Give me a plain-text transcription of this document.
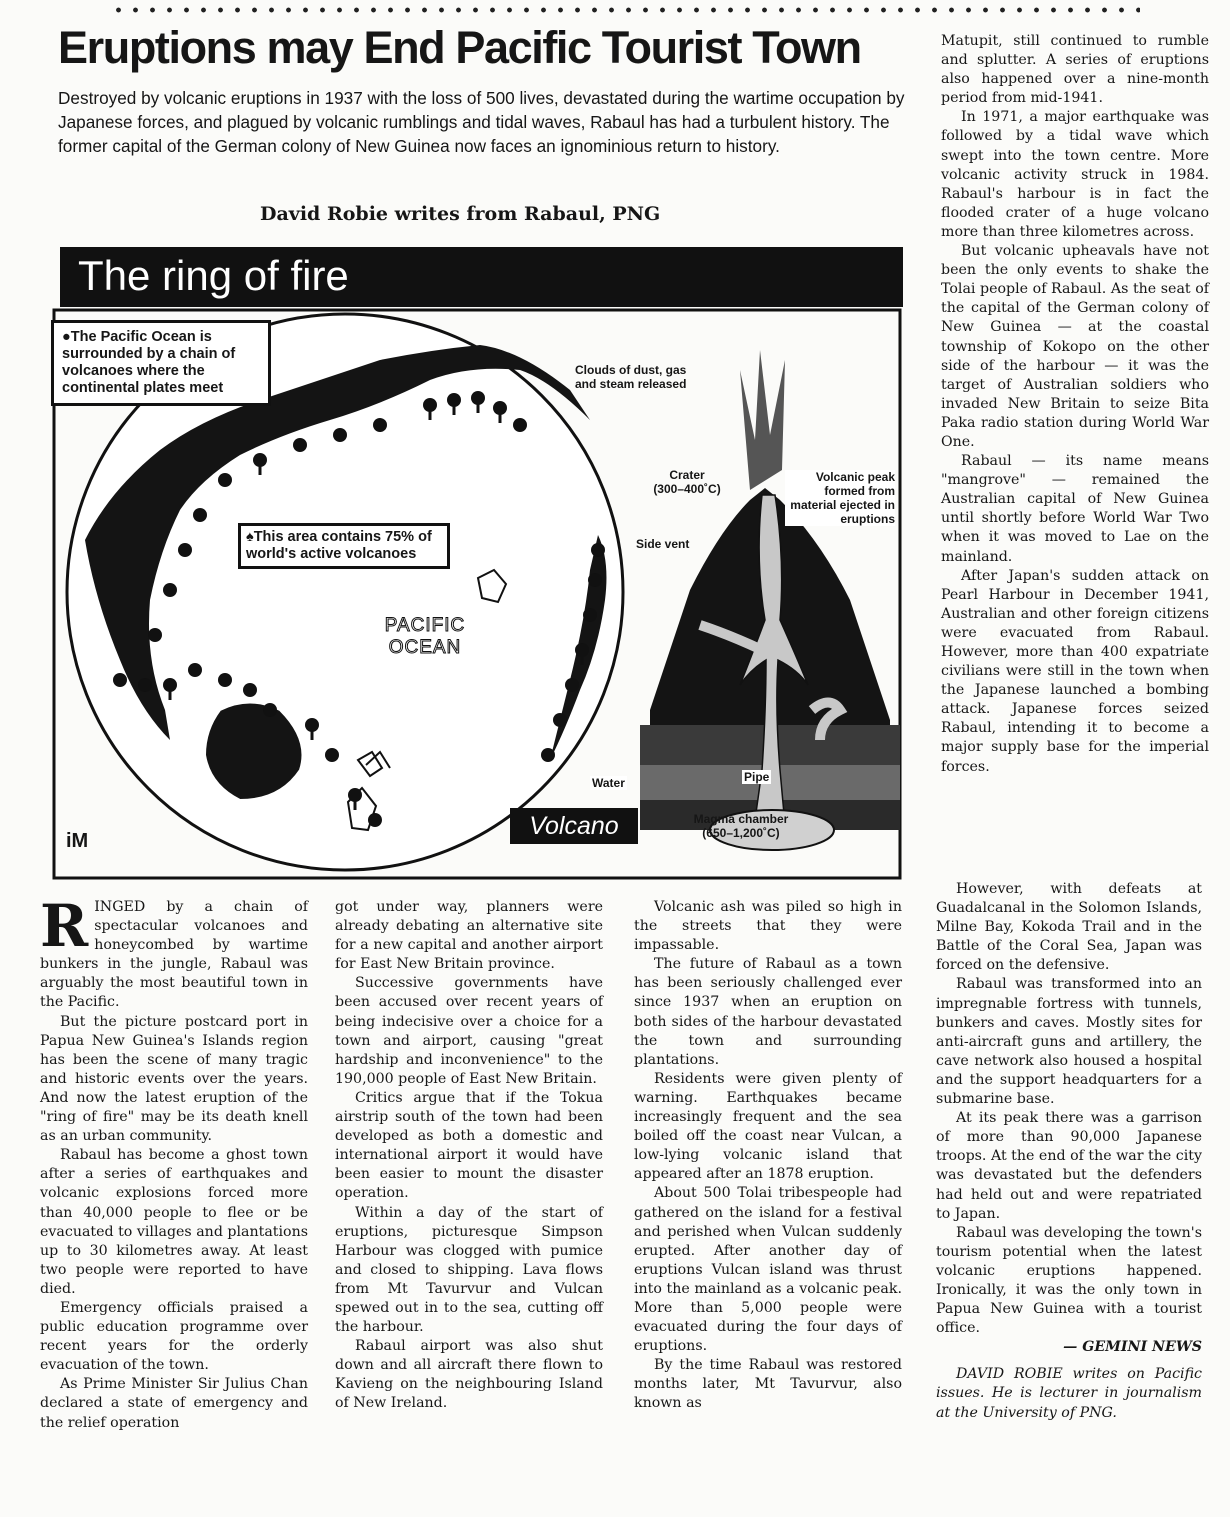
Eruptions may End Pacific Tourist Town

Destroyed by volcanic eruptions in 1937 with the loss of 500 lives, devastated during the wartime occupation by Japanese forces, and plagued by volcanic rumblings and tidal waves, Rabaul has had a turbulent history. The former capital of the German colony of New Guinea now faces an ignominious return to history.

David Robie writes from Rabaul, PNG

The ring of fire
●The Pacific Ocean is surrounded by a chain of volcanoes where the continental plates meet
♠This area contains 75% of world's active volcanoes
PACIFIC
OCEAN
Clouds of dust, gas and steam released
Crater
(300–400˚C)
Volcanic peak formed from material ejected in eruptions
Side vent
Water	Pipe
Magma chamber
(650–1,200˚C)
Volcano
iM

Matupit, still continued to rumble and splutter. A series of eruptions also happened over a nine-month period from mid-1941.

In 1971, a major earthquake was followed by a tidal wave which swept into the town centre. More volcanic activity struck in 1984. Rabaul's harbour is in fact the flooded crater of a huge volcano more than three kilometres across.

But volcanic upheavals have not been the only events to shake the Tolai people of Rabaul. As the seat of the capital of the German colony of New Guinea — at the coastal township of Kokopo on the other side of the harbour — it was the target of Australian soldiers who invaded New Britain to seize Bita Paka radio station during World War One.

Rabaul — its name means "mangrove" — remained the Australian capital of New Guinea until shortly before World War Two when it was moved to Lae on the mainland.

After Japan's sudden attack on Pearl Harbour in December 1941, Australian and other foreign citizens were evacuated from Rabaul. However, more than 400 expatriate civilians were still in the town when the Japanese launched a bombing attack. Japanese forces seized Rabaul, intending it to become a major supply base for the imperial forces.

RINGED by a chain of spectacular volcanoes and honeycombed by wartime bunkers in the jungle, Rabaul was arguably the most beautiful town in the Pacific.

But the picture postcard port in Papua New Guinea's Islands region has been the scene of many tragic and historic events over the years. And now the latest eruption of the "ring of fire" may be its death knell as an urban community.

Rabaul has become a ghost town after a series of earthquakes and volcanic explosions forced more than 40,000 people to flee or be evacuated to villages and plantations up to 30 kilometres away. At least two people were reported to have died.

Emergency officials praised a public education programme over recent years for the orderly evacuation of the town.

As Prime Minister Sir Julius Chan declared a state of emergency and the relief operation

got under way, planners were already debating an alternative site for a new capital and another airport for East New Britain province.

Successive governments have been accused over recent years of being indecisive over a choice for a town and airport, causing "great hardship and inconvenience" to the 190,000 people of East New Britain.

Critics argue that if the Tokua airstrip south of the town had been developed as both a domestic and international airport it would have been easier to mount the disaster operation.

Within a day of the start of eruptions, picturesque Simpson Harbour was clogged with pumice and closed to shipping. Lava flows from Mt Tavurvur and Vulcan spewed out in to the sea, cutting off the harbour.

Rabaul airport was also shut down and all aircraft there flown to Kavieng on the neighbouring Island of New Ireland.

Volcanic ash was piled so high in the streets that they were impassable.

The future of Rabaul as a town has been seriously challenged ever since 1937 when an eruption on both sides of the harbour devastated the town and surrounding plantations.

Residents were given plenty of warning. Earthquakes became increasingly frequent and the sea boiled off the coast near Vulcan, a low-lying volcanic island that appeared after an 1878 eruption.

About 500 Tolai tribespeople had gathered on the island for a festival and perished when Vulcan suddenly erupted. After another day of eruptions Vulcan island was thrust into the mainland as a volcanic peak. More than 5,000 people were evacuated during the four days of eruptions.

By the time Rabaul was restored months later, Mt Tavurvur, also known as

However, with defeats at Guadalcanal in the Solomon Islands, Milne Bay, Kokoda Trail and in the Battle of the Coral Sea, Japan was forced on the defensive.

Rabaul was transformed into an impregnable fortress with tunnels, bunkers and caves. Mostly sites for anti-aircraft guns and artillery, the cave network also housed a hospital and the support headquarters for a submarine base.

At its peak there was a garrison of more than 90,000 Japanese troops. At the end of the war the city was devastated but the defenders had held out and were repatriated to Japan.

Rabaul was developing the town's tourism potential when the latest volcanic eruptions happened. Ironically, it was the only town in Papua New Guinea with a tourist office.

— GEMINI NEWS

DAVID ROBIE writes on Pacific issues. He is lecturer in journalism at the University of PNG.
